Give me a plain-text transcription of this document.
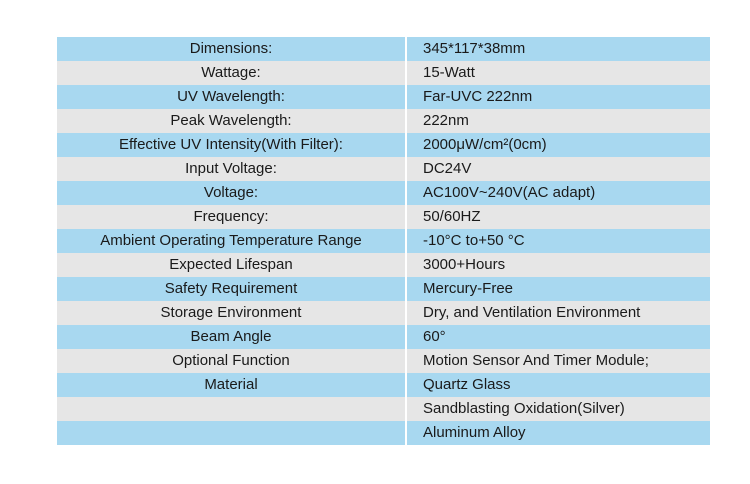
Dimensions:		345*117*38mm
Wattage:		15-Watt
UV Wavelength:		Far-UVC 222nm
Peak Wavelength:		222nm
Effective UV Intensity(With Filter):		2000μW/cm²(0cm)
Input Voltage:		DC24V
Voltage:		AC100V~240V(AC adapt)
Frequency:		50/60HZ
Ambient Operating Temperature Range		-10°C to+50 °C
Expected Lifespan		3000+Hours
Safety Requirement		Mercury-Free
Storage Environment		Dry, and Ventilation Environment
Beam Angle		60°
Optional Function		Motion Sensor And Timer Module;
Material		Quartz Glass
		Sandblasting Oxidation(Silver)
		Aluminum Alloy
